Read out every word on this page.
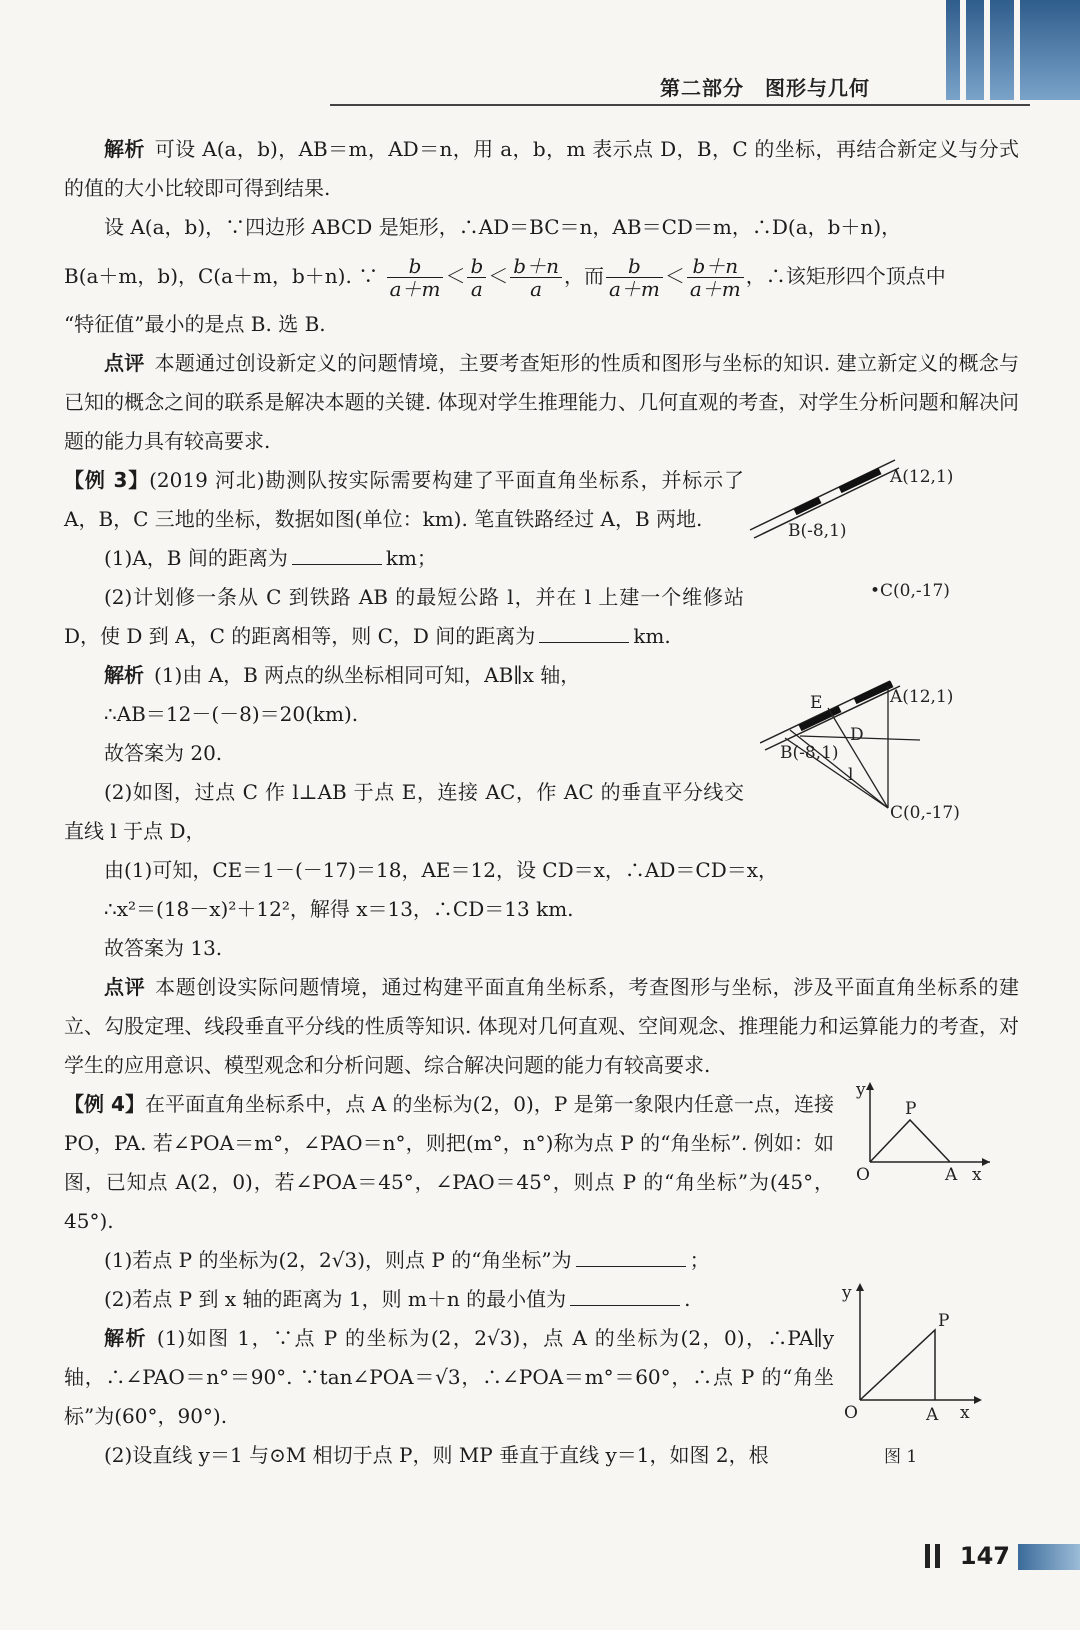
第二部分　图形与几何

解析 可设 A(a，b)，AB＝m，AD＝n，用 a，b，m 表示点 D，B，C 的坐标，再结合新定义与分式的值的大小比较即可得到结果.

设 A(a，b)，∵四边形 ABCD 是矩形，∴AD＝BC＝n，AB＝CD＝m，∴D(a，b＋n)，

B(a＋m，b)，C(a＋m，b＋n). ∵ $\frac{b}{a+m} < \frac{b}{a} < \frac{b+n}{a}$ ，而 $\frac{b}{a+m} < \frac{b+n}{a+m}$ ，∴该矩形四个顶点中

“特征值”最小的是点 B. 选 B.

点评 本题通过创设新定义的问题情境，主要考查矩形的性质和图形与坐标的知识. 建立新定义的概念与已知的概念之间的联系是解决本题的关键. 体现对学生推理能力、几何直观的考查，对学生分析问题和解决问题的能力具有较高要求.

【例 3】(2019 河北)勘测队按实际需要构建了平面直角坐标系，并标示了 A，B，C 三地的坐标，数据如图(单位：km). 笔直铁路经过 A，B 两地.

(1)A，B 间的距离为	km；

(2)计划修一条从 C 到铁路 AB 的最短公路 l，并在 l 上建一个维修站 D，使 D 到 A，C 的距离相等，则 C，D 间的距离为	km.

解析 (1)由 A，B 两点的纵坐标相同可知，AB∥x 轴，

∴AB＝12－(－8)＝20(km).

故答案为 20.

(2)如图，过点 C 作 l⊥AB 于点 E，连接 AC，作 AC 的垂直平分线交直线 l 于点 D，

由(1)可知，CE＝1－(－17)＝18，AE＝12，设 CD＝x，∴AD＝CD＝x，

∴x²＝(18－x)²＋12²，解得 x＝13，∴CD＝13 km.

故答案为 13.

点评 本题创设实际问题情境，通过构建平面直角坐标系，考查图形与坐标，涉及平面直角坐标系的建立、勾股定理、线段垂直平分线的性质等知识. 体现对几何直观、空间观念、推理能力和运算能力的考查，对学生的应用意识、模型观念和分析问题、综合解决问题的能力有较高要求.

【例 4】在平面直角坐标系中，点 A 的坐标为(2，0)，P 是第一象限内任意一点，连接 PO，PA. 若∠POA＝m°，∠PAO＝n°，则把(m°，n°)称为点 P 的“角坐标”. 例如：如图，已知点 A(2，0)，若∠POA＝45°，∠PAO＝45°，则点 P 的“角坐标”为(45°，45°).

(1)若点 P 的坐标为(2，2√3)，则点 P 的“角坐标”为	；

(2)若点 P 到 x 轴的距离为 1，则 m＋n 的最小值为	.

解析 (1)如图 1，∵点 P 的坐标为(2，2√3)，点 A 的坐标为(2，0)，∴PA∥y 轴，∴∠PAO＝n°＝90°. ∵tan∠POA＝√3，∴∠POA＝m°＝60°，∴点 P 的“角坐标”为(60°，90°).

(2)设直线 y＝1 与⊙M 相切于点 P，则 MP 垂直于直线 y＝1，如图 2，根

A(12,1)
B(-8,1)
•C(0,-17)
E	A(12,1)
D
B(-8,1)
l
C(0,-17)
y
P
O	A x
y
P
O	A x
图 1
147
